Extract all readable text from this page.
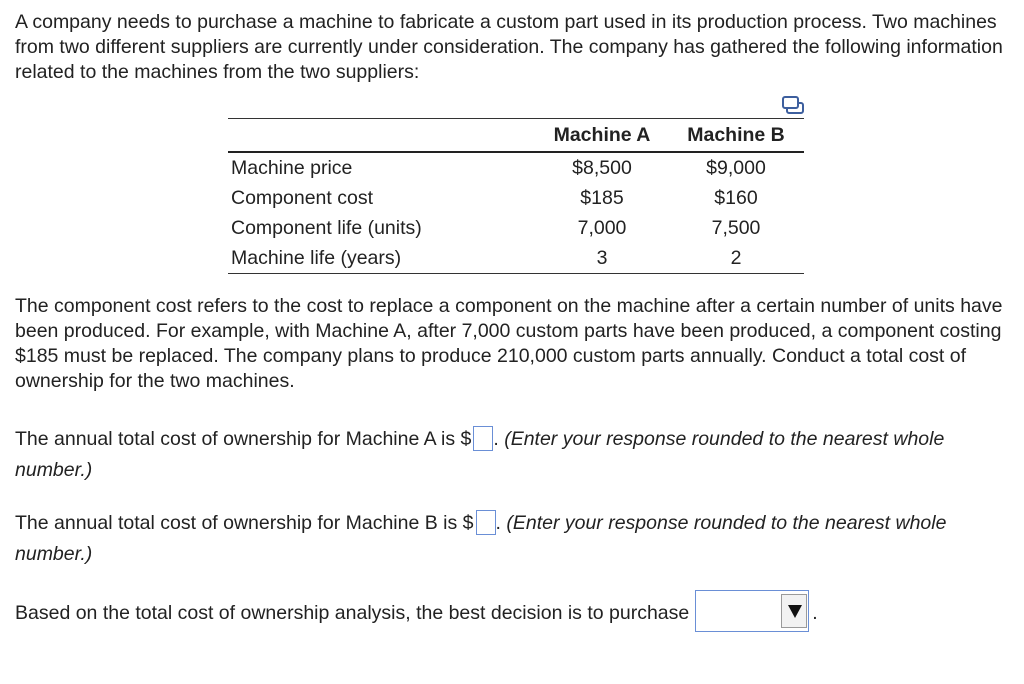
A company needs to purchase a machine to fabricate a custom part used in its production process. Two machines from two different suppliers are currently under consideration. The company has gathered the following information related to the machines from the two suppliers:

	Machine A	Machine B
Machine price	$8,500	$9,000
Component cost	$185	$160
Component life (units)	7,000	7,500
Machine life (years)	3	2

The component cost refers to the cost to replace a component on the machine after a certain number of units have been produced. For example, with Machine A, after 7,000 custom parts have been produced, a component costing $185 must be replaced. The company plans to produce 210,000 custom parts annually. Conduct a total cost of ownership for the two machines.

The annual total cost of ownership for Machine A is $ . (Enter your response rounded to the nearest whole number.)

The annual total cost of ownership for Machine B is $ . (Enter your response rounded to the nearest whole number.)

Based on the total cost of ownership analysis, the best decision is to purchase	.
